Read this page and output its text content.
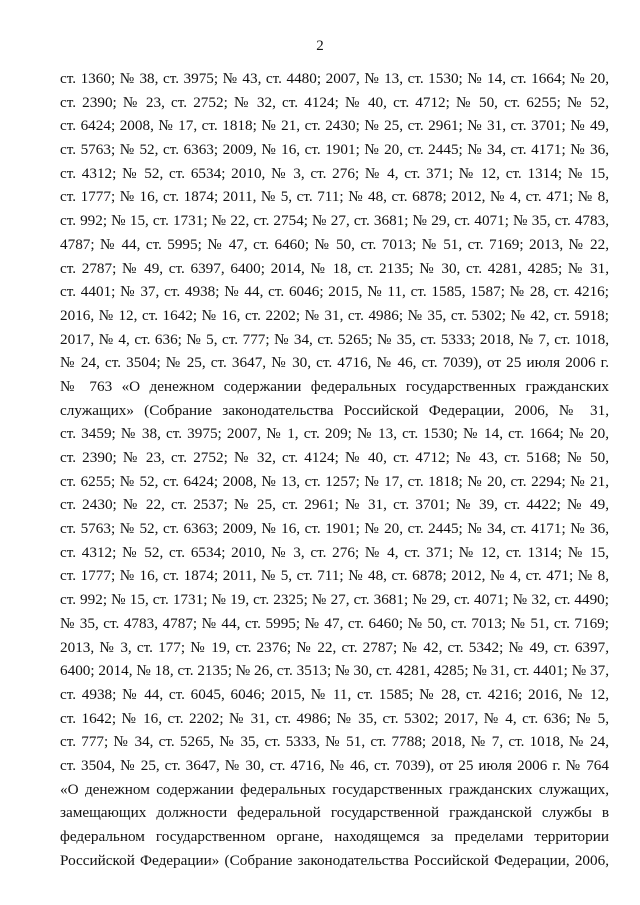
2
ст. 1360; № 38, ст. 3975; № 43, ст. 4480; 2007, № 13, ст. 1530; № 14, ст. 1664; № 20,
ст. 2390; № 23, ст. 2752; № 32, ст. 4124; № 40, ст. 4712; № 50, ст. 6255; № 52,
ст. 6424; 2008, № 17, ст. 1818; № 21, ст. 2430; № 25, ст. 2961; № 31, ст. 3701; № 49,
ст. 5763; № 52, ст. 6363; 2009, № 16, ст. 1901; № 20, ст. 2445; № 34, ст. 4171; № 36,
ст. 4312; № 52, ст. 6534; 2010, № 3, ст. 276; № 4, ст. 371; № 12, ст. 1314; № 15,
ст. 1777; № 16, ст. 1874; 2011, № 5, ст. 711; № 48, ст. 6878; 2012, № 4, ст. 471; № 8,
ст. 992; № 15, ст. 1731; № 22, ст. 2754; № 27, ст. 3681; № 29, ст. 4071; № 35, ст. 4783,
4787; № 44, ст. 5995; № 47, ст. 6460; № 50, ст. 7013; № 51, ст. 7169; 2013, № 22,
ст. 2787; № 49, ст. 6397, 6400; 2014, № 18, ст. 2135; № 30, ст. 4281, 4285; № 31,
ст. 4401; № 37, ст. 4938; № 44, ст. 6046; 2015, № 11, ст. 1585, 1587; № 28, ст. 4216;
2016, № 12, ст. 1642; № 16, ст. 2202; № 31, ст. 4986; № 35, ст. 5302; № 42, ст. 5918;
2017, № 4, ст. 636; № 5, ст. 777; № 34, ст. 5265; № 35, ст. 5333; 2018, № 7, ст. 1018,
№ 24, ст. 3504; № 25, ст. 3647, № 30, ст. 4716, № 46, ст. 7039), от 25 июля 2006 г.
№ 763 «О денежном содержании федеральных государственных гражданских
служащих» (Собрание законодательства Российской Федерации, 2006, № 31,
ст. 3459; № 38, ст. 3975; 2007, № 1, ст. 209; № 13, ст. 1530; № 14, ст. 1664; № 20,
ст. 2390; № 23, ст. 2752; № 32, ст. 4124; № 40, ст. 4712; № 43, ст. 5168; № 50,
ст. 6255; № 52, ст. 6424; 2008, № 13, ст. 1257; № 17, ст. 1818; № 20, ст. 2294; № 21,
ст. 2430; № 22, ст. 2537; № 25, ст. 2961; № 31, ст. 3701; № 39, ст. 4422; № 49,
ст. 5763; № 52, ст. 6363; 2009, № 16, ст. 1901; № 20, ст. 2445; № 34, ст. 4171; № 36,
ст. 4312; № 52, ст. 6534; 2010, № 3, ст. 276; № 4, ст. 371; № 12, ст. 1314; № 15,
ст. 1777; № 16, ст. 1874; 2011, № 5, ст. 711; № 48, ст. 6878; 2012, № 4, ст. 471; № 8,
ст. 992; № 15, ст. 1731; № 19, ст. 2325; № 27, ст. 3681; № 29, ст. 4071; № 32, ст. 4490;
№ 35, ст. 4783, 4787; № 44, ст. 5995; № 47, ст. 6460; № 50, ст. 7013; № 51, ст. 7169;
2013, № 3, ст. 177; № 19, ст. 2376; № 22, ст. 2787; № 42, ст. 5342; № 49, ст. 6397,
6400; 2014, № 18, ст. 2135; № 26, ст. 3513; № 30, ст. 4281, 4285; № 31, ст. 4401; № 37,
ст. 4938; № 44, ст. 6045, 6046; 2015, № 11, ст. 1585; № 28, ст. 4216; 2016, № 12,
ст. 1642; № 16, ст. 2202; № 31, ст. 4986; № 35, ст. 5302; 2017, № 4, ст. 636; № 5,
ст. 777; № 34, ст. 5265, № 35, ст. 5333, № 51, ст. 7788; 2018, № 7, ст. 1018, № 24,
ст. 3504, № 25, ст. 3647, № 30, ст. 4716, № 46, ст. 7039), от 25 июля 2006 г. № 764
«О денежном содержании федеральных государственных гражданских служащих,
замещающих должности федеральной государственной гражданской службы в
федеральном государственном органе, находящемся за пределами территории
Российской Федерации» (Собрание законодательства Российской Федерации, 2006,
